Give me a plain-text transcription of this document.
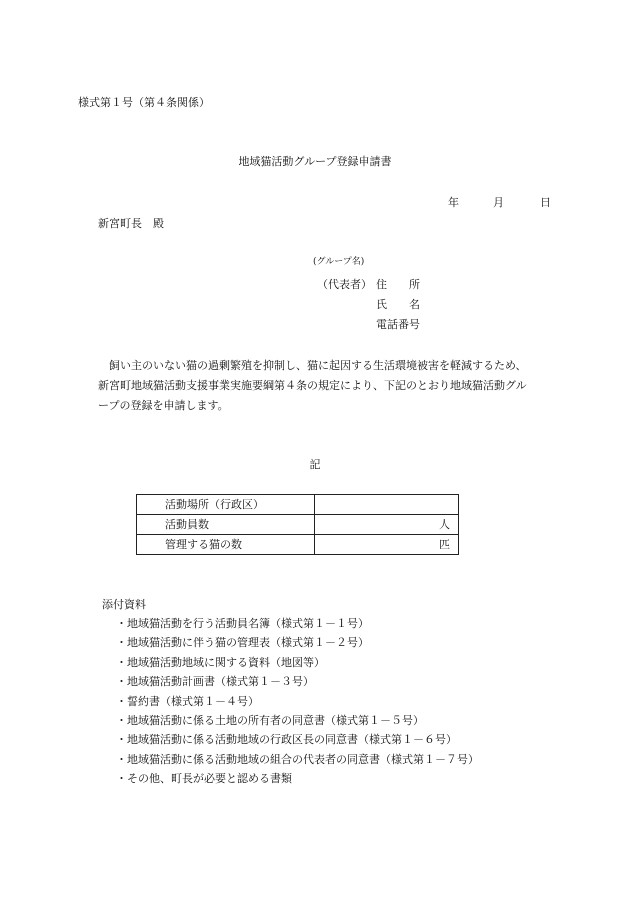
様式第１号（第４条関係）
地域猫活動グループ登録申請書
年	月	日
新宮町長　殿
(グループ名)
（代表者） 住　　所
氏　　名
電話番号
　飼い主のいない猫の過剰繁殖を抑制し、猫に起因する生活環境被害を軽減するため、
新宮町地域猫活動支援事業実施要綱第４条の規定により、下記のとおり地域猫活動グル
ープの登録を申請します。
記
活動場所（行政区）	
活動員数	人
管理する猫の数	匹
添付資料
・地域猫活動を行う活動員名簿（様式第１－１号）
・地域猫活動に伴う猫の管理表（様式第１－２号）
・地域猫活動地域に関する資料（地図等）
・地域猫活動計画書（様式第１－３号）
・誓約書（様式第１－４号）
・地域猫活動に係る土地の所有者の同意書（様式第１－５号）
・地域猫活動に係る活動地域の行政区長の同意書（様式第１－６号）
・地域猫活動に係る活動地域の組合の代表者の同意書（様式第１－７号）
・その他、町長が必要と認める書類
